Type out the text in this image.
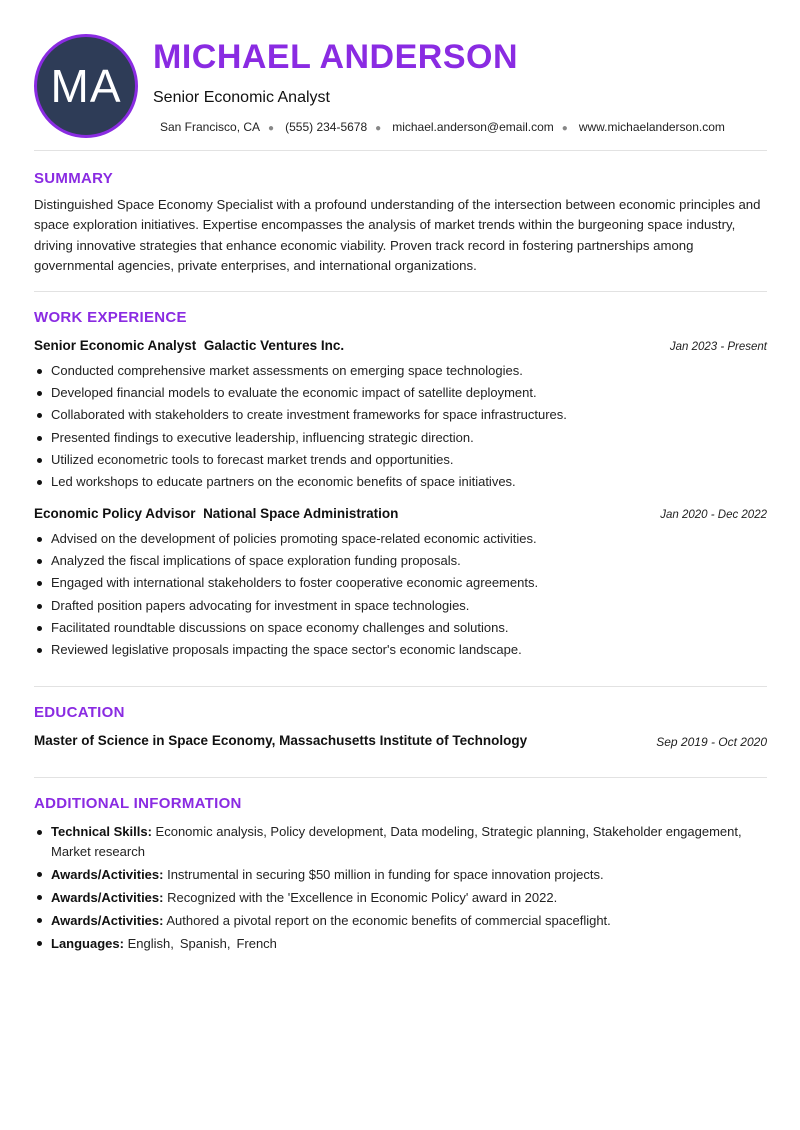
MA
MICHAEL ANDERSON
Senior Economic Analyst
San Francisco, CA ● (555) 234-5678 ● michael.anderson@email.com ● www.michaelanderson.com
SUMMARY

Distinguished Space Economy Specialist with a profound understanding of the intersection between economic principles and space exploration initiatives. Expertise encompasses the analysis of market trends within the burgeoning space industry, driving innovative strategies that enhance economic viability. Proven track record in fostering partnerships among governmental agencies, private enterprises, and international organizations.

WORK EXPERIENCE
Senior Economic Analyst Galactic Ventures Inc.	Jan 2023 - Present
Conducted comprehensive market assessments on emerging space technologies.
Developed financial models to evaluate the economic impact of satellite deployment.
Collaborated with stakeholders to create investment frameworks for space infrastructures.
Presented findings to executive leadership, influencing strategic direction.
Utilized econometric tools to forecast market trends and opportunities.
Led workshops to educate partners on the economic benefits of space initiatives.
Economic Policy Advisor National Space Administration	Jan 2020 - Dec 2022
Advised on the development of policies promoting space-related economic activities.
Analyzed the fiscal implications of space exploration funding proposals.
Engaged with international stakeholders to foster cooperative economic agreements.
Drafted position papers advocating for investment in space technologies.
Facilitated roundtable discussions on space economy challenges and solutions.
Reviewed legislative proposals impacting the space sector's economic landscape.
EDUCATION
Master of Science in Space Economy, Massachusetts Institute of Technology	Sep 2019 - Oct 2020
ADDITIONAL INFORMATION
Technical Skills: Economic analysis, Policy development, Data modeling, Strategic planning, Stakeholder engagement, Market research
Awards/Activities: Instrumental in securing $50 million in funding for space innovation projects.
Awards/Activities: Recognized with the 'Excellence in Economic Policy' award in 2022.
Awards/Activities: Authored a pivotal report on the economic benefits of commercial spaceflight.
Languages: English, Spanish, French
